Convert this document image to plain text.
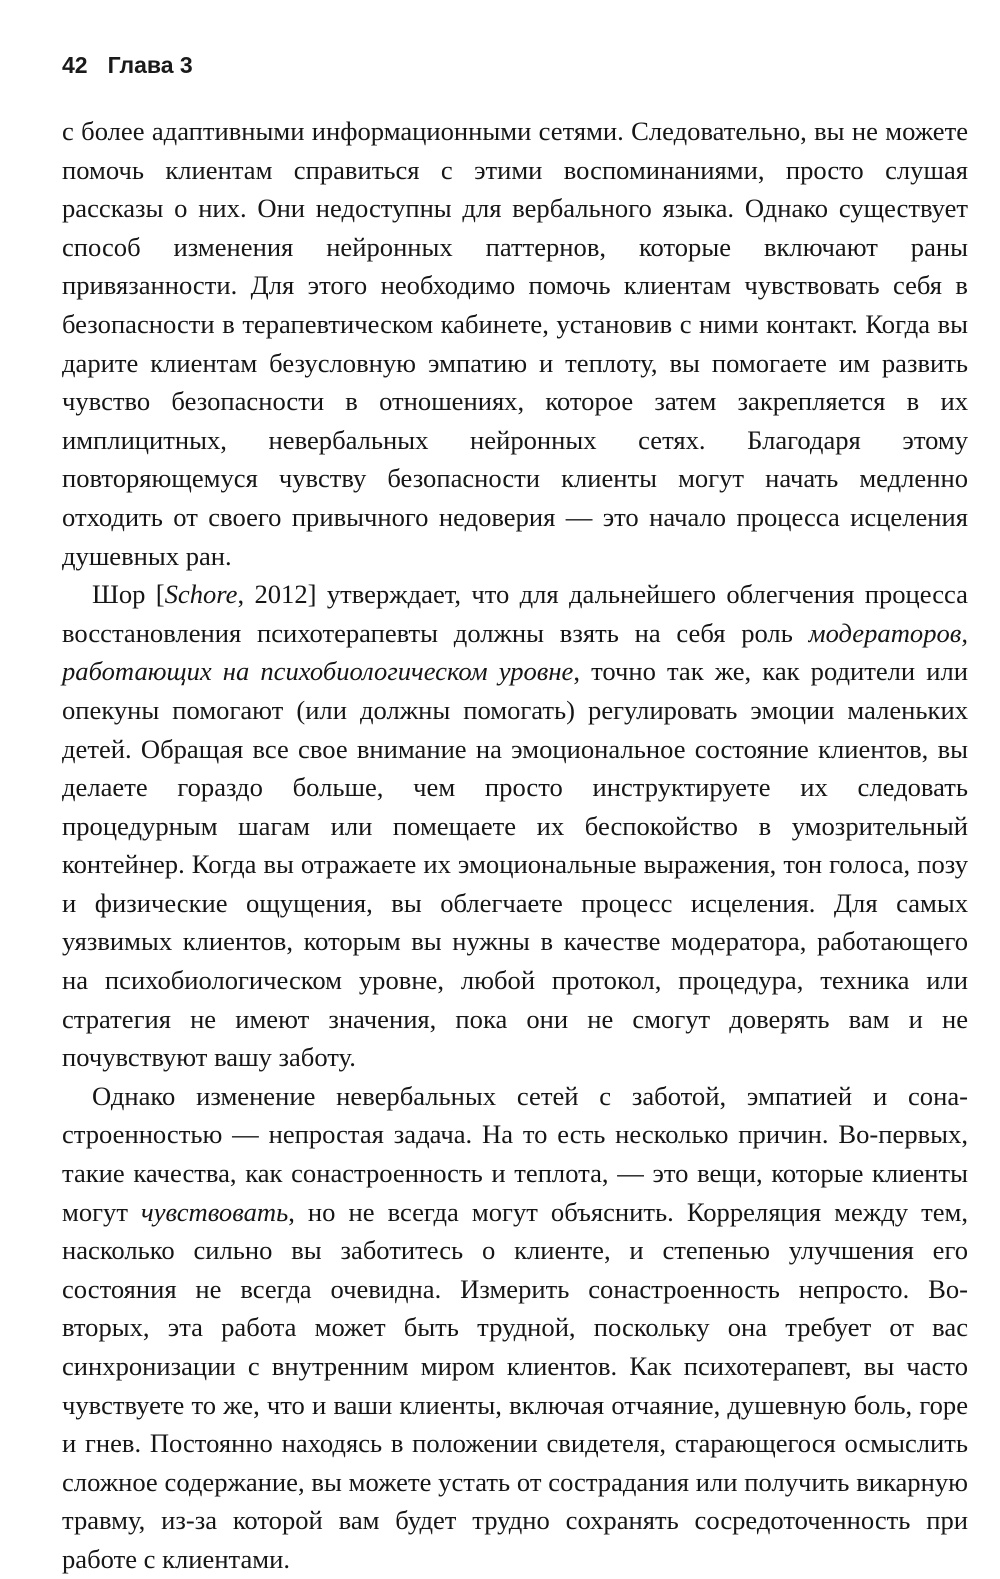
42 Глава 3

с более адаптивными информационными сетями. Следовательно, вы не можете помочь клиентам справиться с этими воспоминаниями, просто слушая рассказы о них. Они недоступны для вербального языка. Однако существует способ изменения нейронных паттернов, которые включают раны привязанности. Для этого необходимо помочь клиентам чувствовать себя в безопасности в терапевтическом кабинете, установив с ними контакт. Когда вы дарите клиентам безусловную эмпатию и теплоту, вы помогаете им развить чувство безопасности в отношениях, которое затем закрепляется в их имплицитных, невербальных нейронных сетях. Благодаря этому повторяющемуся чувству безопасности клиенты могут начать медленно отходить от своего привычного недоверия — это начало процесса исцеления душевных ран.

Шор [Schore, 2012] утверждает, что для дальнейшего облегчения процесса восстановления психотерапевты должны взять на себя роль модераторов, работающих на психобиологическом уровне, точно так же, как родители или опекуны помогают (или должны помогать) регулировать эмоции маленьких детей. Обращая все свое внимание на эмоциональное состояние клиентов, вы делаете гораздо больше, чем просто инструктируете их следовать процедурным шагам или помещаете их беспокойство в умозрительный контейнер. Когда вы отражаете их эмоциональные выражения, тон голоса, позу и физические ощущения, вы облегчаете процесс исцеления. Для самых уязвимых клиентов, которым вы нужны в качестве модератора, работающего на психобиологическом уровне, любой протокол, процедура, техника или стратегия не имеют значения, пока они не смогут доверять вам и не почувствуют вашу заботу.

Однако изменение невербальных сетей с заботой, эмпатией и сонастроенностью — непростая задача. На то есть несколько причин. Во-первых, такие качества, как сонастроенность и теплота, — это вещи, которые клиенты могут чувствовать, но не всегда могут объяснить. Корреляция между тем, насколько сильно вы заботитесь о клиенте, и степенью улучшения его состояния не всегда очевидна. Измерить сонастроенность непросто. Во-вторых, эта работа может быть трудной, поскольку она требует от вас синхронизации с внутренним миром клиентов. Как психотерапевт, вы часто чувствуете то же, что и ваши клиенты, включая отчаяние, душевную боль, горе и гнев. Постоянно находясь в положении свидетеля, старающегося осмыслить сложное содержание, вы можете устать от сострадания или получить викарную травму, из-за которой вам будет трудно сохранять сосредоточенность при работе с клиентами.
